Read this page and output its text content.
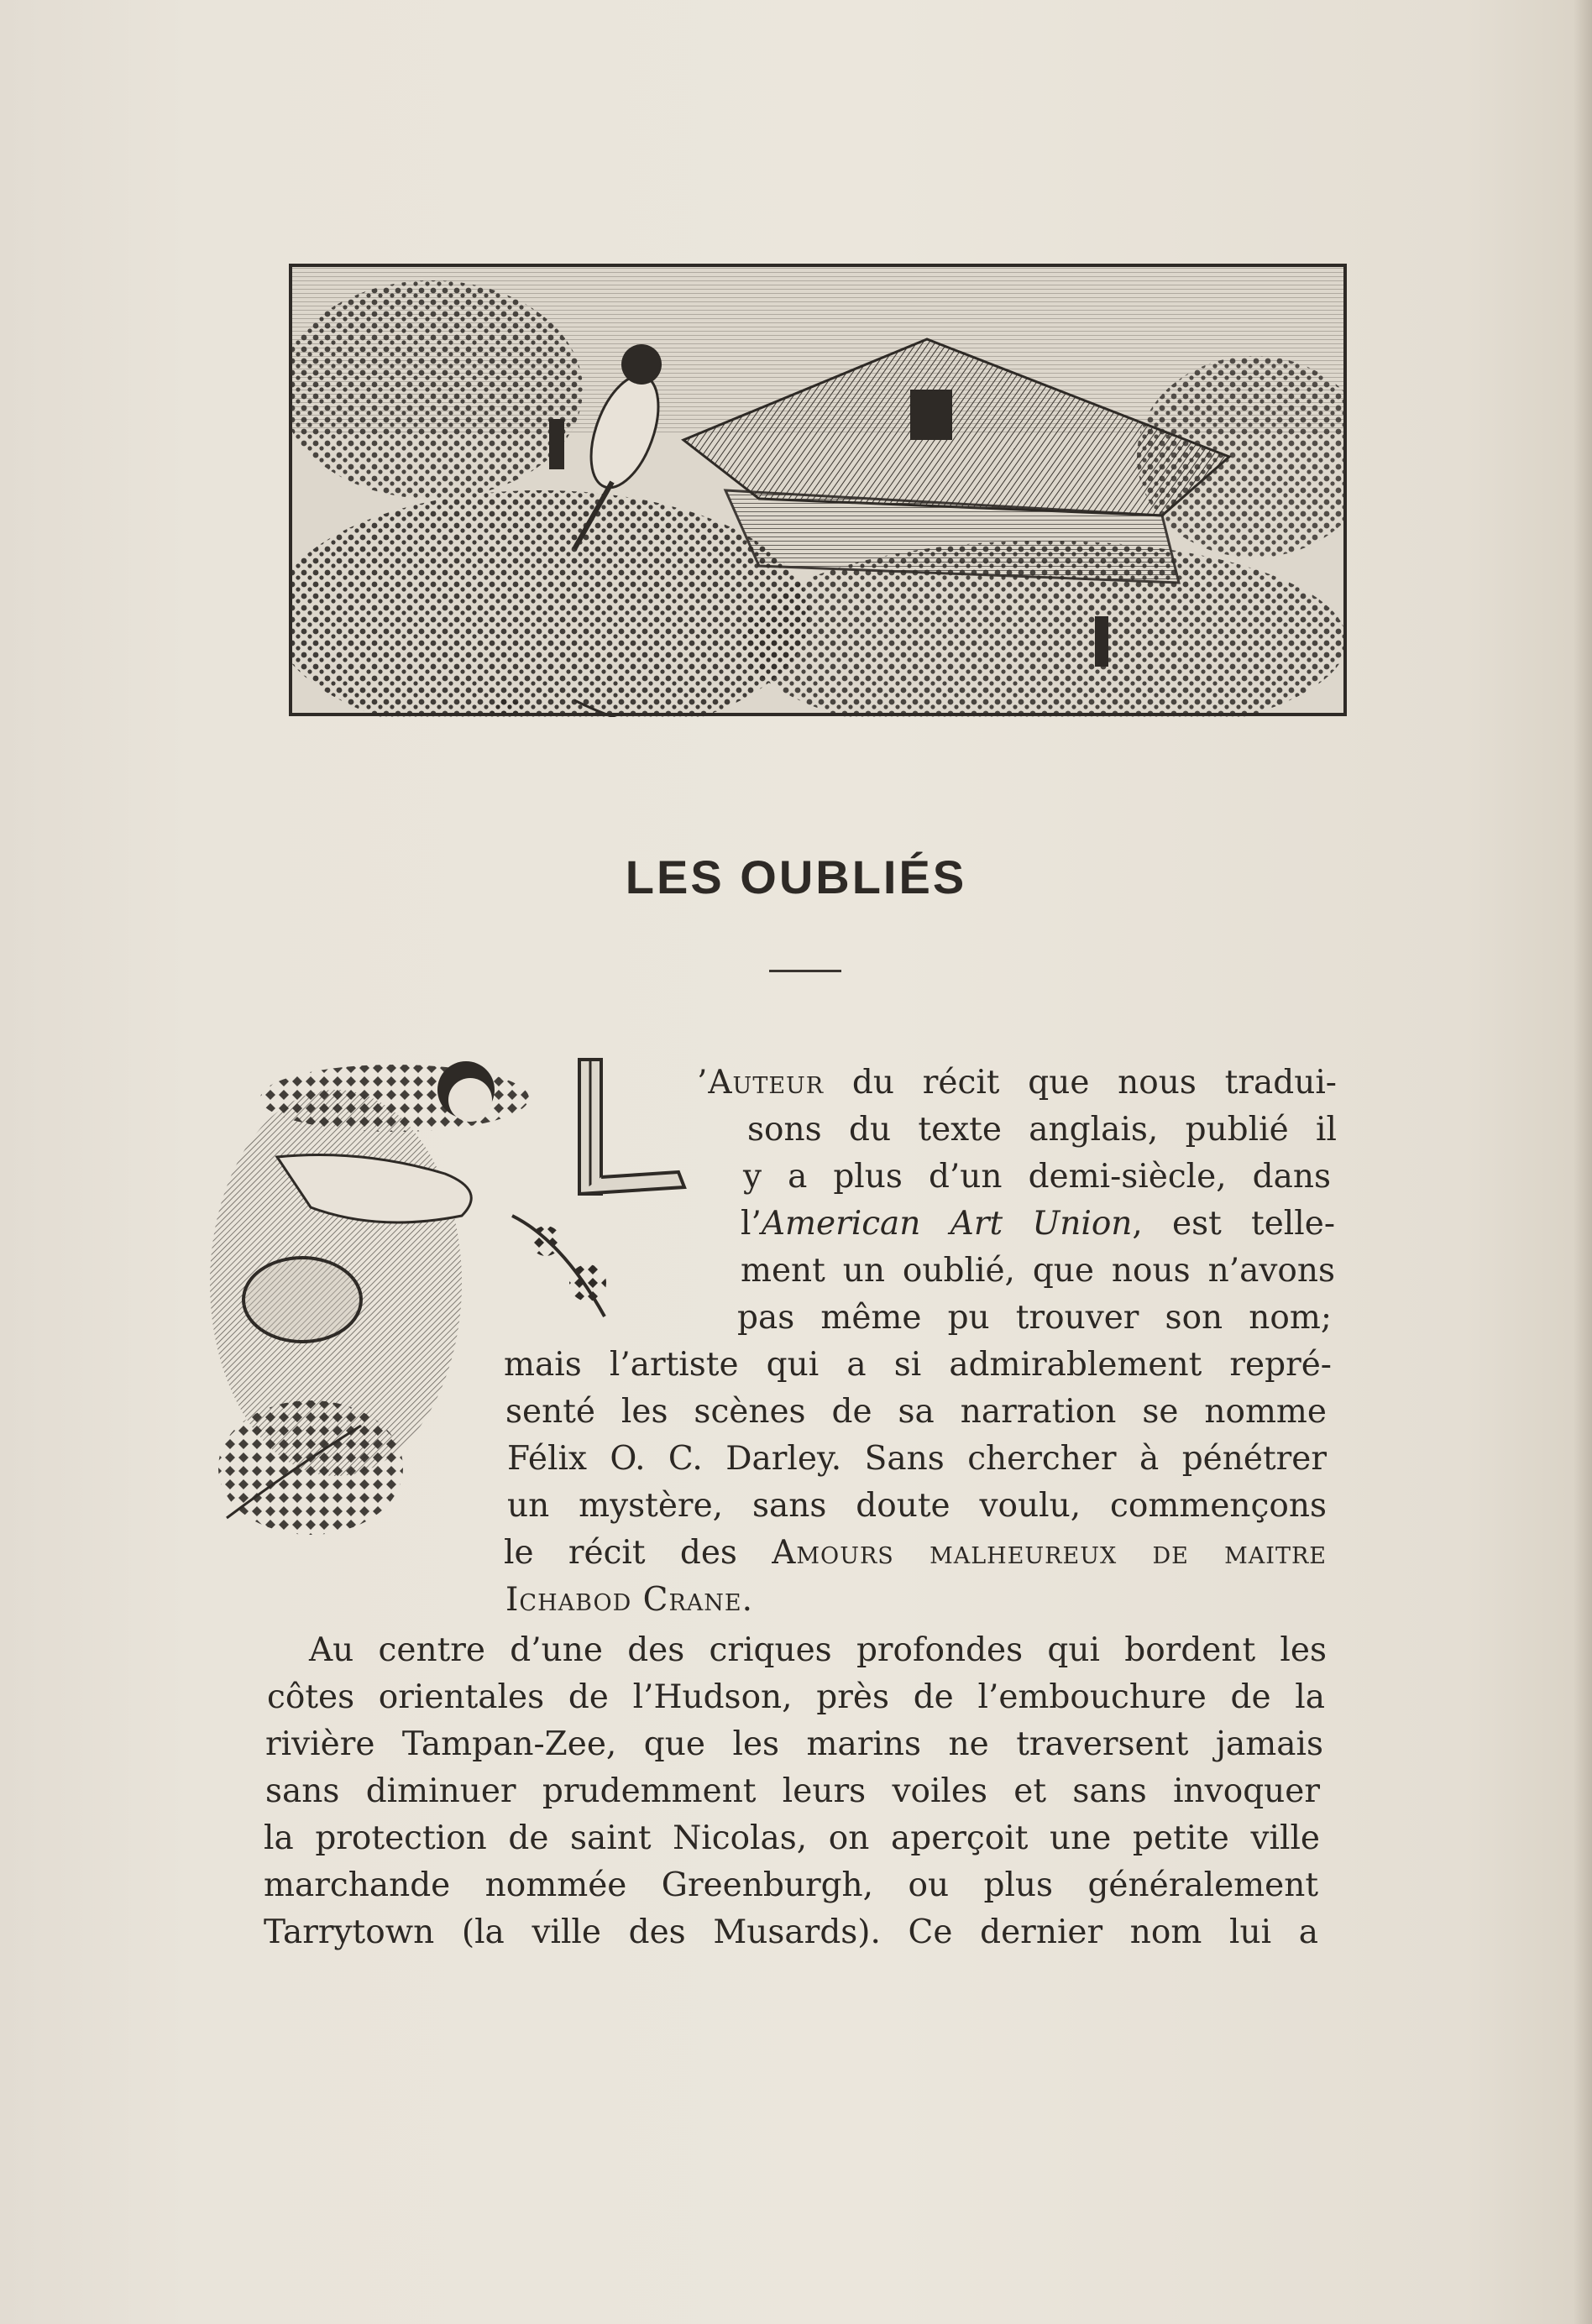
LES OUBLIÉS

’Auteur du récit que nous tradui-

sons du texte anglais, publié il

y a plus d’un demi-siècle, dans

l’American Art Union, est telle-

ment un oublié, que nous n’avons

pas même pu trouver son nom;

mais l’artiste qui a si admirablement repré-

senté les scènes de sa narration se nomme

Félix O. C. Darley. Sans chercher à pénétrer

un mystère, sans doute voulu, commençons

le récit des Amours malheureux de maitre

Ichabod Crane.

Au centre d’une des criques profondes qui bordent les

côtes orientales de l’Hudson, près de l’embouchure de la

rivière Tampan-Zee, que les marins ne traversent jamais

sans diminuer prudemment leurs voiles et sans invoquer

la protection de saint Nicolas, on aperçoit une petite ville

marchande nommée Greenburgh, ou plus généralement

Tarrytown (la ville des Musards). Ce dernier nom lui a
